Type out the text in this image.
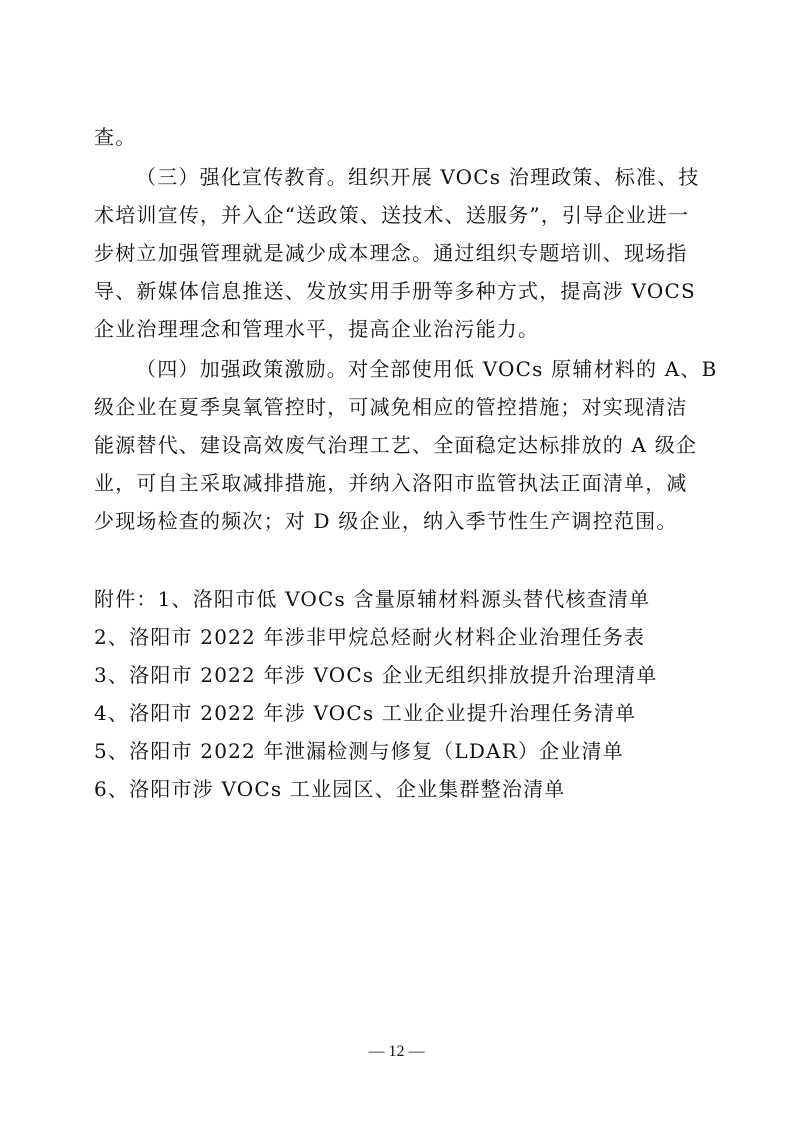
查。
（三）强化宣传教育。组织开展 VOCs 治理政策、标准、技
术培训宣传，并入企“送政策、送技术、送服务”，引导企业进一
步树立加强管理就是减少成本理念。通过组织专题培训、现场指
导、新媒体信息推送、发放实用手册等多种方式，提高涉 VOCS
企业治理理念和管理水平，提高企业治污能力。
（四）加强政策激励。对全部使用低 VOCs 原辅材料的 A、B
级企业在夏季臭氧管控时，可减免相应的管控措施；对实现清洁
能源替代、建设高效废气治理工艺、全面稳定达标排放的 A 级企
业，可自主采取减排措施，并纳入洛阳市监管执法正面清单，减
少现场检查的频次；对 D 级企业，纳入季节性生产调控范围。
附件：1、洛阳市低 VOCs 含量原辅材料源头替代核查清单
2、洛阳市 2022 年涉非甲烷总烃耐火材料企业治理任务表
3、洛阳市 2022 年涉 VOCs 企业无组织排放提升治理清单
4、洛阳市 2022 年涉 VOCs 工业企业提升治理任务清单
5、洛阳市 2022 年泄漏检测与修复（LDAR）企业清单
6、洛阳市涉 VOCs 工业园区、企业集群整治清单
— 12 —
